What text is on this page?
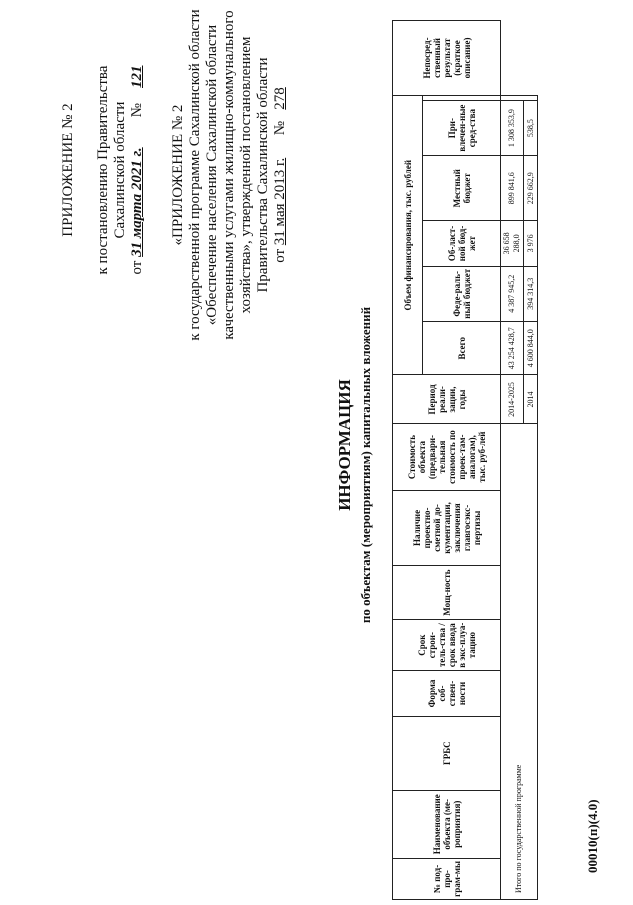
ПРИЛОЖЕНИЕ № 2 к постановлению Правительства Сахалинской области
от 31 марта 2021 г.        №    121
«ПРИЛОЖЕНИЕ № 2 к государственной программе Сахалинской области «Обеспечение населения Сахалинской области качественными услугами жилищно-коммунального хозяйства», утвержденной постановлением Правительства Сахалинской области от 31 мая 2013 г.      №   278
ИНФОРМАЦИЯ по объектам (мероприятиям) капитальных вложений
№ под-про-грам-мы	Наименование объекта (ме-роприятия)	ГРБС	Форма соб-ствен-ности	Срок строи-тель-ства / срок ввода в экс-плуа-тацию	Мощ-ность	Наличие проектно-сметной до-кументации, заключения главгосэкс-пертизы	Стоимость объекта (предвари-тельная стоимость по проек-там-аналогам), тыс. руб-лей	Период реали-зации, годы	Объем финансирования, тыс. рублей						Непосред-ственный результат (краткое описание)
									Всего	Феде-раль-ный бюджет	Об-ласт-ной бюд-жет	Местный бюджет	При-влечен-ные сред-ства		
Итого по государственной программе								2014-2025	43 254 428,7	4 387 945,2	36 658 288,0	899 841,6	1 308 353,9		
								2014	4 600 844,0	394 314,3	3 976	229 662,9	538,5		
00010(п)(4.0)
